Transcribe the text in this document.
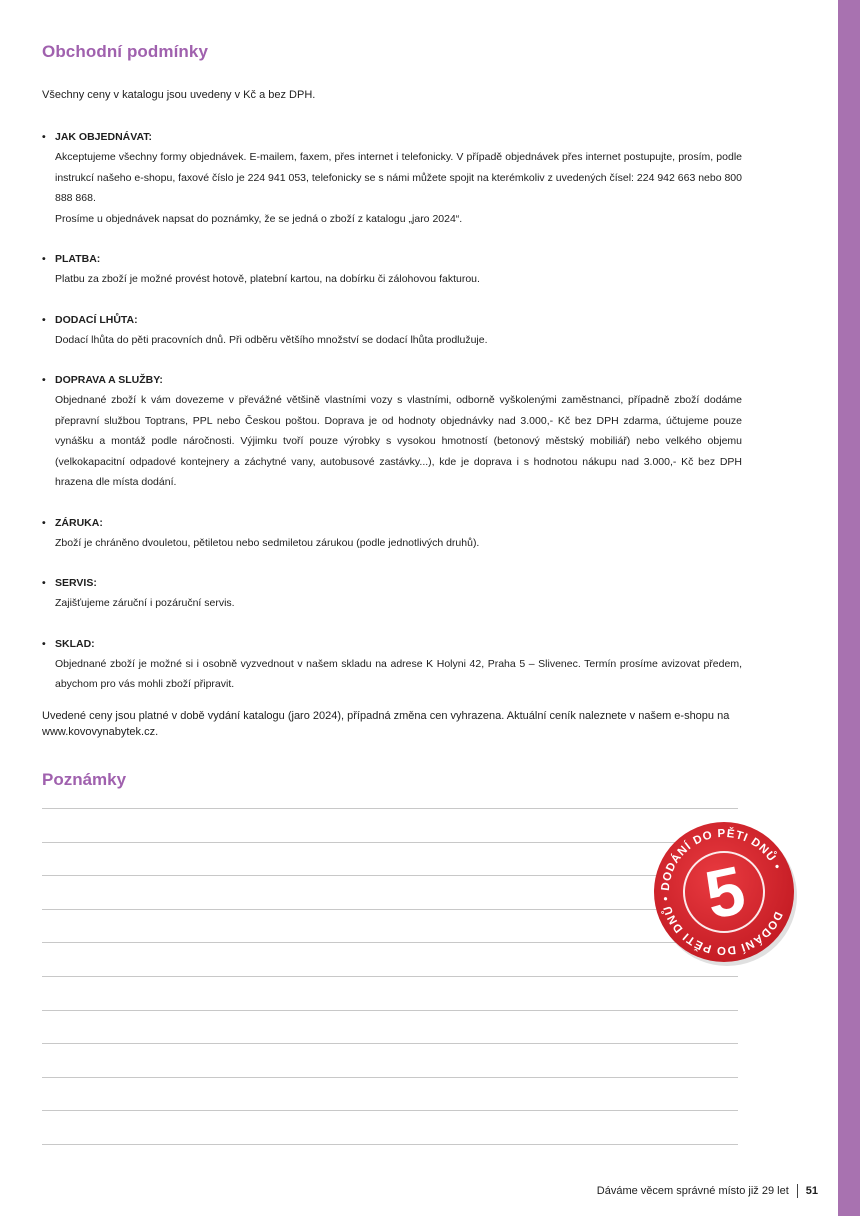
Obchodní podmínky
Všechny ceny v katalogu jsou uvedeny v Kč a bez DPH.
• JAK OBJEDNÁVAT:

Akceptujeme všechny formy objednávek. E-mailem, faxem, přes internet i telefonicky. V případě objednávek přes internet postupujte, prosím, podle instrukcí našeho e-shopu, faxové číslo je 224 941 053, telefonicky se s námi můžete spojit na kterémkoliv z uvedených čísel: 224 942 663 nebo 800 888 868.

Prosíme u objednávek napsat do poznámky, že se jedná o zboží z katalogu „jaro 2024“.

• PLATBA:

Platbu za zboží je možné provést hotově, platební kartou, na dobírku či zálohovou fakturou.

• DODACÍ LHŮTA:

Dodací lhůta do pěti pracovních dnů. Při odběru většího množství se dodací lhůta prodlužuje.

• DOPRAVA A SLUŽBY:

Objednané zboží k vám dovezeme v převážné většině vlastními vozy s vlastními, odborně vyškolenými zaměstnanci, případně zboží dodáme přepravní službou Toptrans, PPL nebo Českou poštou. Doprava je od hodnoty objednávky nad 3.000,- Kč bez DPH zdarma, účtujeme pouze vynášku a montáž podle náročnosti. Výjimku tvoří pouze výrobky s vysokou hmotností (betonový městský mobiliář) nebo velkého objemu (velkokapacitní odpadové kontejnery a záchytné vany, autobusové zastávky...), kde je doprava i s hodnotou nákupu nad 3.000,- Kč bez DPH hrazena dle místa dodání.

• ZÁRUKA:

Zboží je chráněno dvouletou, pětiletou nebo sedmiletou zárukou (podle jednotlivých druhů).

• SERVIS:

Zajišťujeme záruční i pozáruční servis.

• SKLAD:

Objednané zboží je možné si i osobně vyzvednout v našem skladu na adrese K Holyni 42, Praha 5 – Slivenec. Termín prosíme avizovat předem, abychom pro vás mohli zboží připravit.

Uvedené ceny jsou platné v době vydání katalogu (jaro 2024), případná změna cen vyhrazena. Aktuální ceník naleznete v našem e-shopu na www.kovovynabytek.cz.
Poznámky
DODÁNÍ DO PĚTI DNŮ • DODÁNÍ DO PĚTI DNŮ •
5
Dáváme věcem správné místo již 29 let 51
